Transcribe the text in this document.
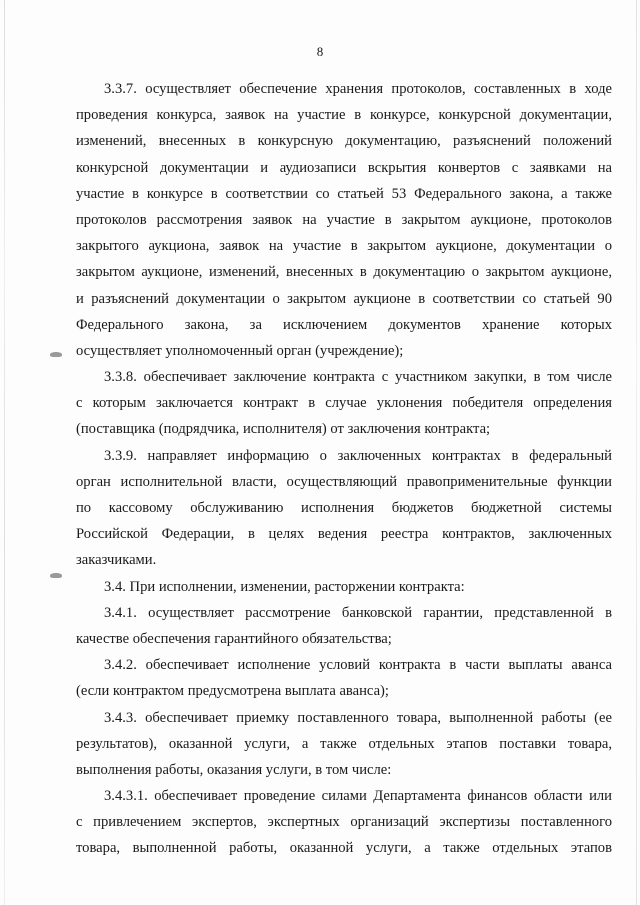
8

3.3.7. осуществляет обеспечение хранения протоколов, составленных в ходе
проведения конкурса, заявок на участие в конкурсе, конкурсной документации,
изменений, внесенных в конкурсную документацию, разъяснений положений
конкурсной документации и аудиозаписи вскрытия конвертов с заявками на
участие в конкурсе в соответствии со статьей 53 Федерального закона, а также
протоколов рассмотрения заявок на участие в закрытом аукционе, протоколов
закрытого аукциона, заявок на участие в закрытом аукционе, документации о
закрытом аукционе, изменений, внесенных в документацию о закрытом аукционе,
и разъяснений документации о закрытом аукционе в соответствии со статьей 90
Федерального закона, за исключением документов хранение которых
осуществляет уполномоченный орган (учреждение);

3.3.8. обеспечивает заключение контракта с участником закупки, в том числе
с которым заключается контракт в случае уклонения победителя определения
(поставщика (подрядчика, исполнителя) от заключения контракта;

3.3.9. направляет информацию о заключенных контрактах в федеральный
орган исполнительной власти, осуществляющий правоприменительные функции
по кассовому обслуживанию исполнения бюджетов бюджетной системы
Российской Федерации, в целях ведения реестра контрактов, заключенных
заказчиками.

3.4. При исполнении, изменении, расторжении контракта:

3.4.1. осуществляет рассмотрение банковской гарантии, представленной в
качестве обеспечения гарантийного обязательства;

3.4.2. обеспечивает исполнение условий контракта в части выплаты аванса
(если контрактом предусмотрена выплата аванса);

3.4.3. обеспечивает приемку поставленного товара, выполненной работы (ее
результатов), оказанной услуги, а также отдельных этапов поставки товара,
выполнения работы, оказания услуги, в том числе:

3.4.3.1. обеспечивает проведение силами Департамента финансов области или
с привлечением экспертов, экспертных организаций экспертизы поставленного
товара, выполненной работы, оказанной услуги, а также отдельных этапов
